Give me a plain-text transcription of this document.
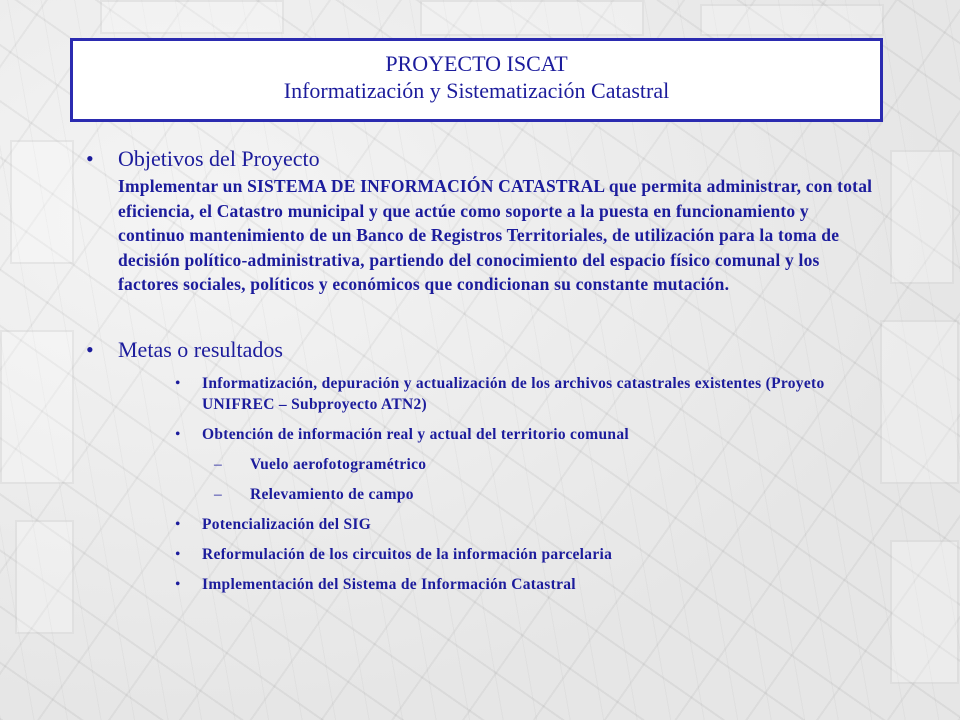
PROYECTO ISCAT
Informatización y Sistematización Catastral
• Objetivos del Proyecto
Implementar un SISTEMA DE INFORMACIÓN CATASTRAL que permita administrar, con total eficiencia, el Catastro municipal y que actúe como soporte a la puesta en funcionamiento y continuo mantenimiento de un Banco de Registros Territoriales, de utilización para la toma de decisión político-administrativa, partiendo del conocimiento del espacio físico comunal y los factores sociales, políticos y económicos que condicionan su constante mutación.
• Metas o resultados
• Informatización, depuración y actualización de los archivos catastrales existentes (Proyeto UNIFREC – Subproyecto ATN2)
• Obtención de información real y actual del territorio comunal
– Vuelo aerofotogramétrico
– Relevamiento de campo
• Potencialización del SIG
• Reformulación de los circuitos de la información parcelaria
• Implementación del Sistema de Información Catastral
